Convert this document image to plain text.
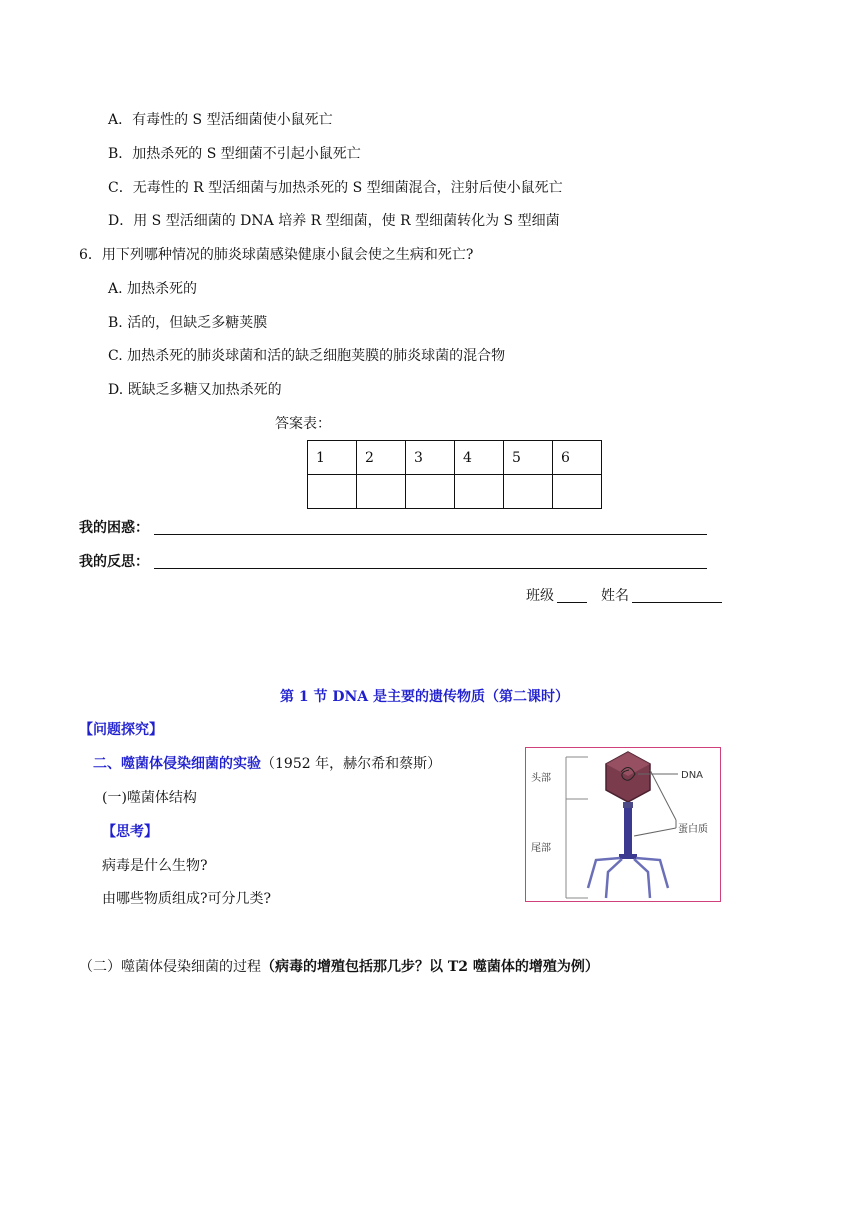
A．有毒性的 S 型活细菌使小鼠死亡
B．加热杀死的 S 型细菌不引起小鼠死亡
C．无毒性的 R 型活细菌与加热杀死的 S 型细菌混合，注射后使小鼠死亡
D．用 S 型活细菌的 DNA 培养 R 型细菌，使 R 型细菌转化为 S 型细菌
6．用下列哪种情况的肺炎球菌感染健康小鼠会使之生病和死亡?
A. 加热杀死的
B. 活的，但缺乏多糖荚膜
C. 加热杀死的肺炎球菌和活的缺乏细胞荚膜的肺炎球菌的混合物
D. 既缺乏多糖又加热杀死的
答案表：
1	2	3	4	5	6

我的困惑：
我的反思：
班级	姓名
第 1 节 DNA 是主要的遗传物质（第二课时）
【问题探究】
二、噬菌体侵染细菌的实验（1952 年，赫尔希和蔡斯）
(一)噬菌体结构
【思考】
病毒是什么生物?
由哪些物质组成?可分几类?
（二）噬菌体侵染细菌的过程（病毒的增殖包括那几步？以 T2 噬菌体的增殖为例）
头部
尾部
DNA
蛋白质
